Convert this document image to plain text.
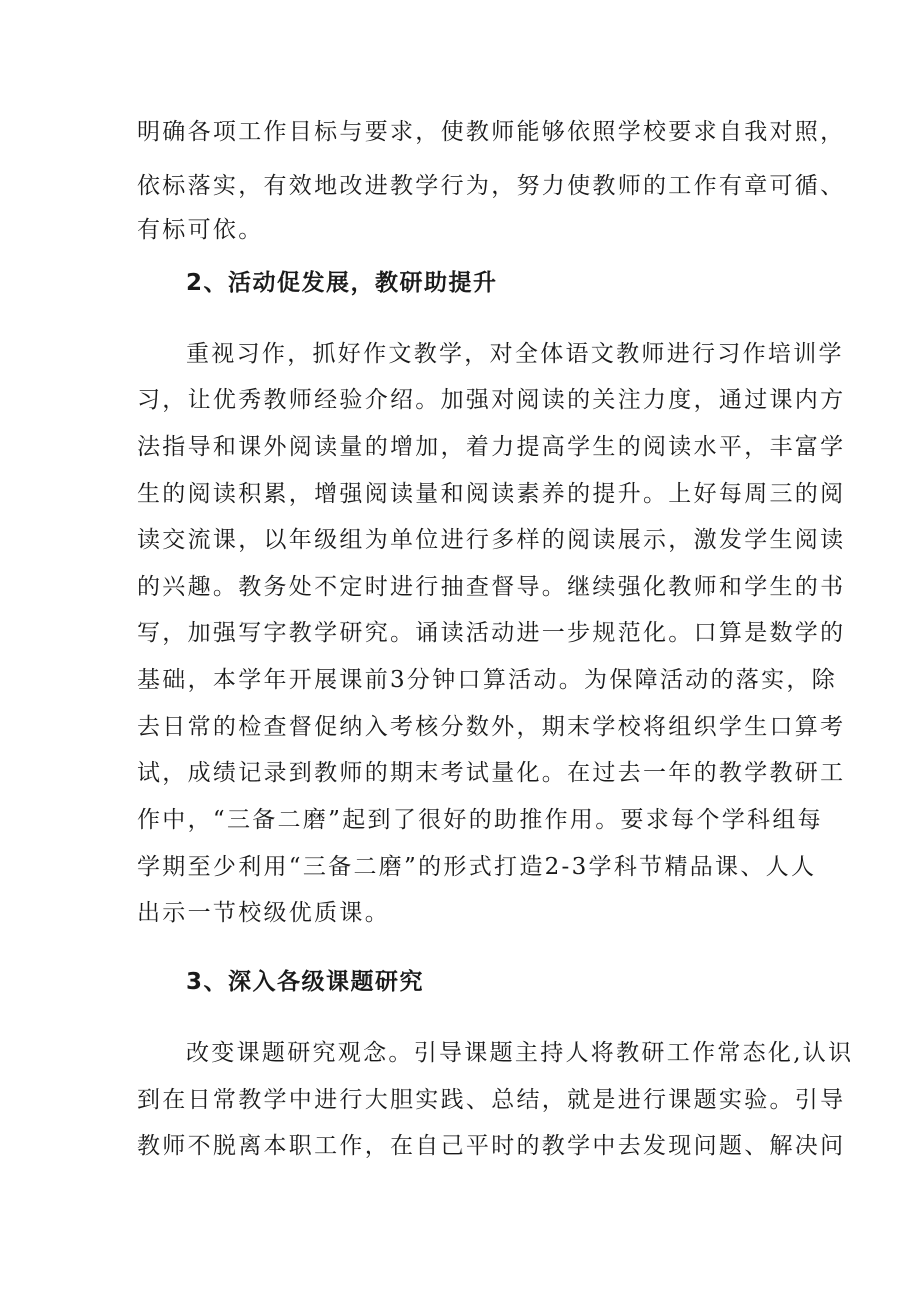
明确各项工作目标与要求，使教师能够依照学校要求自我对照，
依标落实，有效地改进教学行为，努力使教师的工作有章可循、
有标可依。
2、活动促发展，教研助提升
重视习作，抓好作文教学，对全体语文教师进行习作培训学
习，让优秀教师经验介绍。加强对阅读的关注力度，通过课内方
法指导和课外阅读量的增加，着力提高学生的阅读水平，丰富学
生的阅读积累，增强阅读量和阅读素养的提升。上好每周三的阅
读交流课，以年级组为单位进行多样的阅读展示，激发学生阅读
的兴趣。教务处不定时进行抽查督导。继续强化教师和学生的书
写，加强写字教学研究。诵读活动进一步规范化。口算是数学的
基础，本学年开展课前3分钟口算活动。为保障活动的落实，除
去日常的检查督促纳入考核分数外，期末学校将组织学生口算考
试，成绩记录到教师的期末考试量化。在过去一年的教学教研工
作中，“三备二磨”起到了很好的助推作用。要求每个学科组每
学期至少利用“三备二磨”的形式打造2-3学科节精品课、人人
出示一节校级优质课。
3、深入各级课题研究
改变课题研究观念。引导课题主持人将教研工作常态化,认识
到在日常教学中进行大胆实践、总结，就是进行课题实验。引导
教师不脱离本职工作，在自己平时的教学中去发现问题、解决问
